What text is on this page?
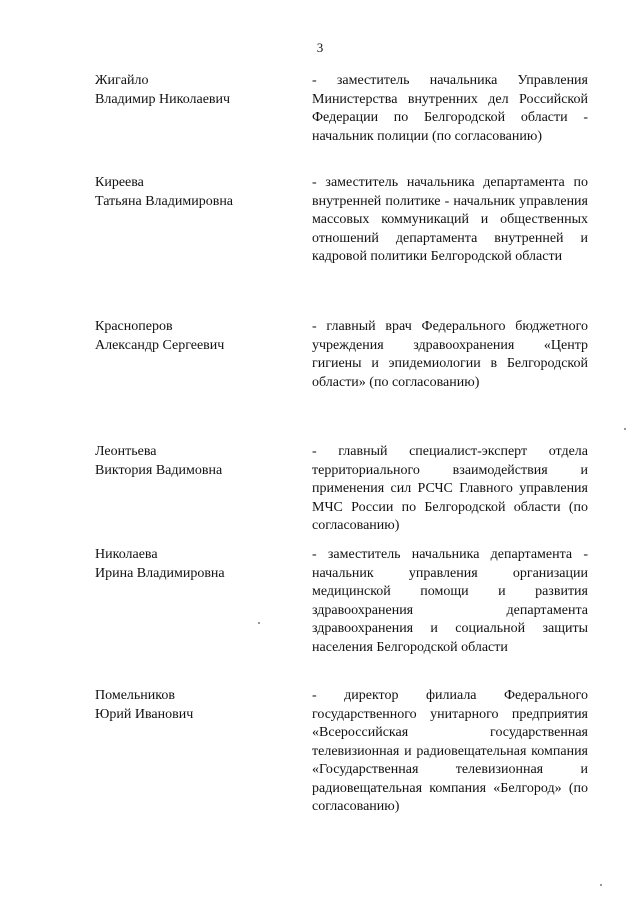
3
Жигайло
Владимир Николаевич
- заместитель начальника Управления Министерства внутренних дел Российской Федерации по Белгородской области - начальник полиции (по согласованию)
Киреева
Татьяна Владимировна
- заместитель начальника департамента по внутренней политике - начальник управления массовых коммуникаций и общественных отношений департамента внутренней и кадровой политики Белгородской области
Красноперов
Александр Сергеевич
- главный врач Федерального бюджетного учреждения здравоохранения «Центр гигиены и эпидемиологии в Белгородской области» (по согласованию)
Леонтьева
Виктория Вадимовна
- главный специалист-эксперт отдела территориального взаимодействия и применения сил РСЧС Главного управления МЧС России по Белгородской области (по согласованию)
Николаева
Ирина Владимировна
- заместитель начальника департамента - начальник управления организации медицинской помощи и развития здравоохранения департамента здравоохранения и социальной защиты населения Белгородской области
Помельников
Юрий Иванович
- директор филиала Федерального государственного унитарного предприятия «Всероссийская государственная телевизионная и радиовещательная компания «Государственная телевизионная и радиовещательная компания «Белгород» (по согласованию)
